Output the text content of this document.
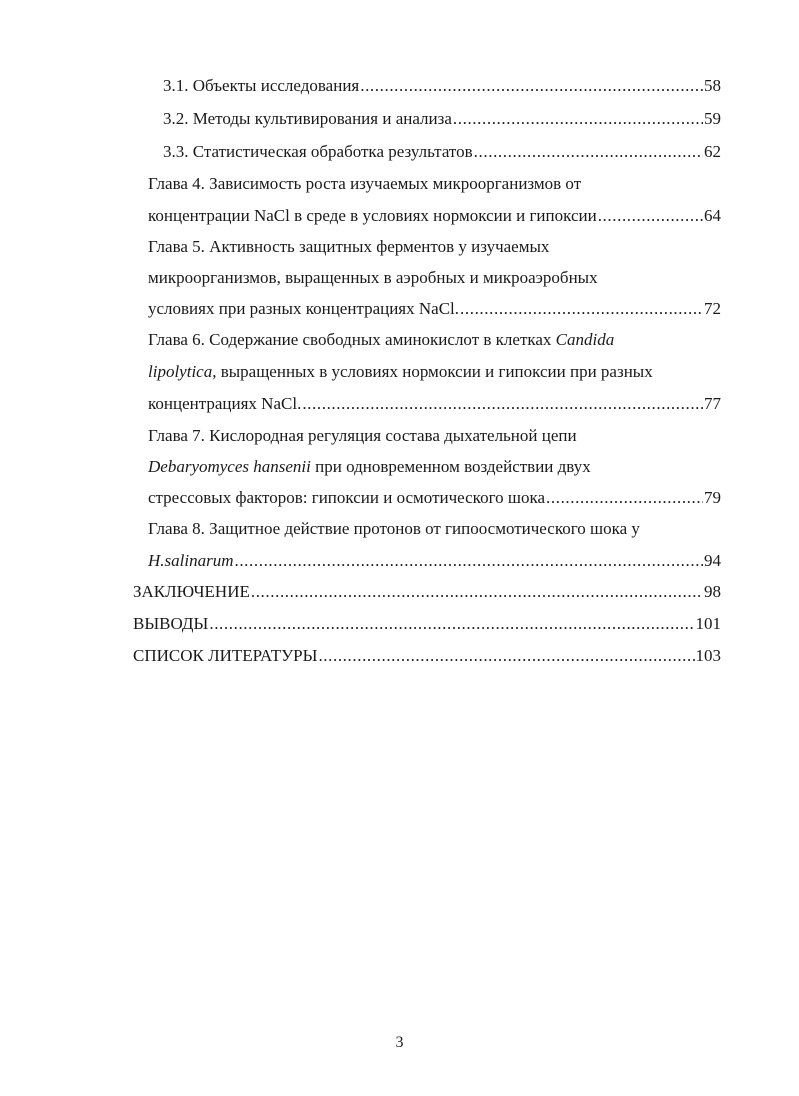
3.1. Объекты исследования .....	58
3.2. Методы культивирования и анализа .....	59
3.3. Статистическая обработка результатов .....	62
Глава 4. Зависимость роста изучаемых микроорганизмов от
концентрации NaCl в среде в условиях нормоксии и гипоксии .....	64
Глава 5. Активность защитных ферментов у изучаемых
микроорганизмов, выращенных в аэробных и микроаэробных
условиях при разных концентрациях NaCl. .....	72
Глава 6. Содержание свободных аминокислот в клетках Candida
lipolytica, выращенных в условиях нормоксии и гипоксии при разных
концентрациях NaCl. .....	77
Глава 7. Кислородная регуляция состава дыхательной цепи
Debaryomyces hansenii при одновременном воздействии двух
стрессовых факторов: гипоксии и осмотического шока .....	79
Глава 8. Защитное действие протонов от гипоосмотического шока у
H.salinarum .....	94
ЗАКЛЮЧЕНИЕ .....	98
ВЫВОДЫ .....	101
СПИСОК ЛИТЕРАТУРЫ .....	103
3
